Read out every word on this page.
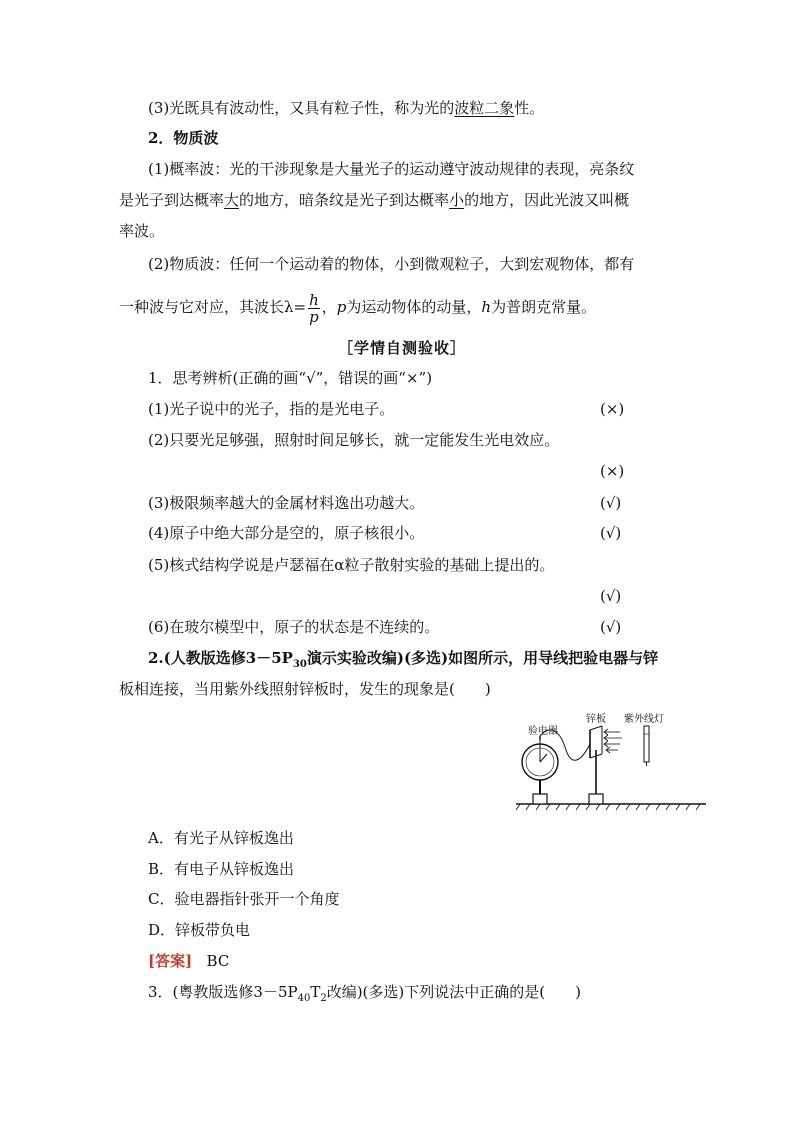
(3)光既具有波动性，又具有粒子性，称为光的波粒二象性。
2．物质波
(1)概率波：光的干涉现象是大量光子的运动遵守波动规律的表现，亮条纹
是光子到达概率大的地方，暗条纹是光子到达概率小的地方，因此光波又叫概
率波。
(2)物质波：任何一个运动着的物体，小到微观粒子，大到宏观物体，都有
一种波与它对应，其波长$\lambda= \frac{h}{p}$ ，p为运动物体的动量，h为普朗克常量。
［学情自测验收］
1．思考辨析(正确的画“√”，错误的画“×”)
(1)光子说中的光子，指的是光电子。	(×)
(2)只要光足够强，照射时间足够长，就一定能发生光电效应。
(×)
(3)极限频率越大的金属材料逸出功越大。	(√)
(4)原子中绝大部分是空的，原子核很小。	(√)
(5)核式结构学说是卢瑟福在α粒子散射实验的基础上提出的。
(√)
(6)在玻尔模型中，原子的状态是不连续的。	(√)
2.(人教版选修$3-5P_{30}$演示实验改编)(多选)如图所示，用导线把验电器与锌
板相连接，当用紫外线照射锌板时，发生的现象是(　　)
验电器
锌板 紫外线灯
A．有光子从锌板逸出
B．有电子从锌板逸出
C．验电器指针张开一个角度
D．锌板带负电
[答案] BC
3．(粤教版选修$3-5P_{40}T_2$改编)(多选)下列说法中正确的是(　　)
